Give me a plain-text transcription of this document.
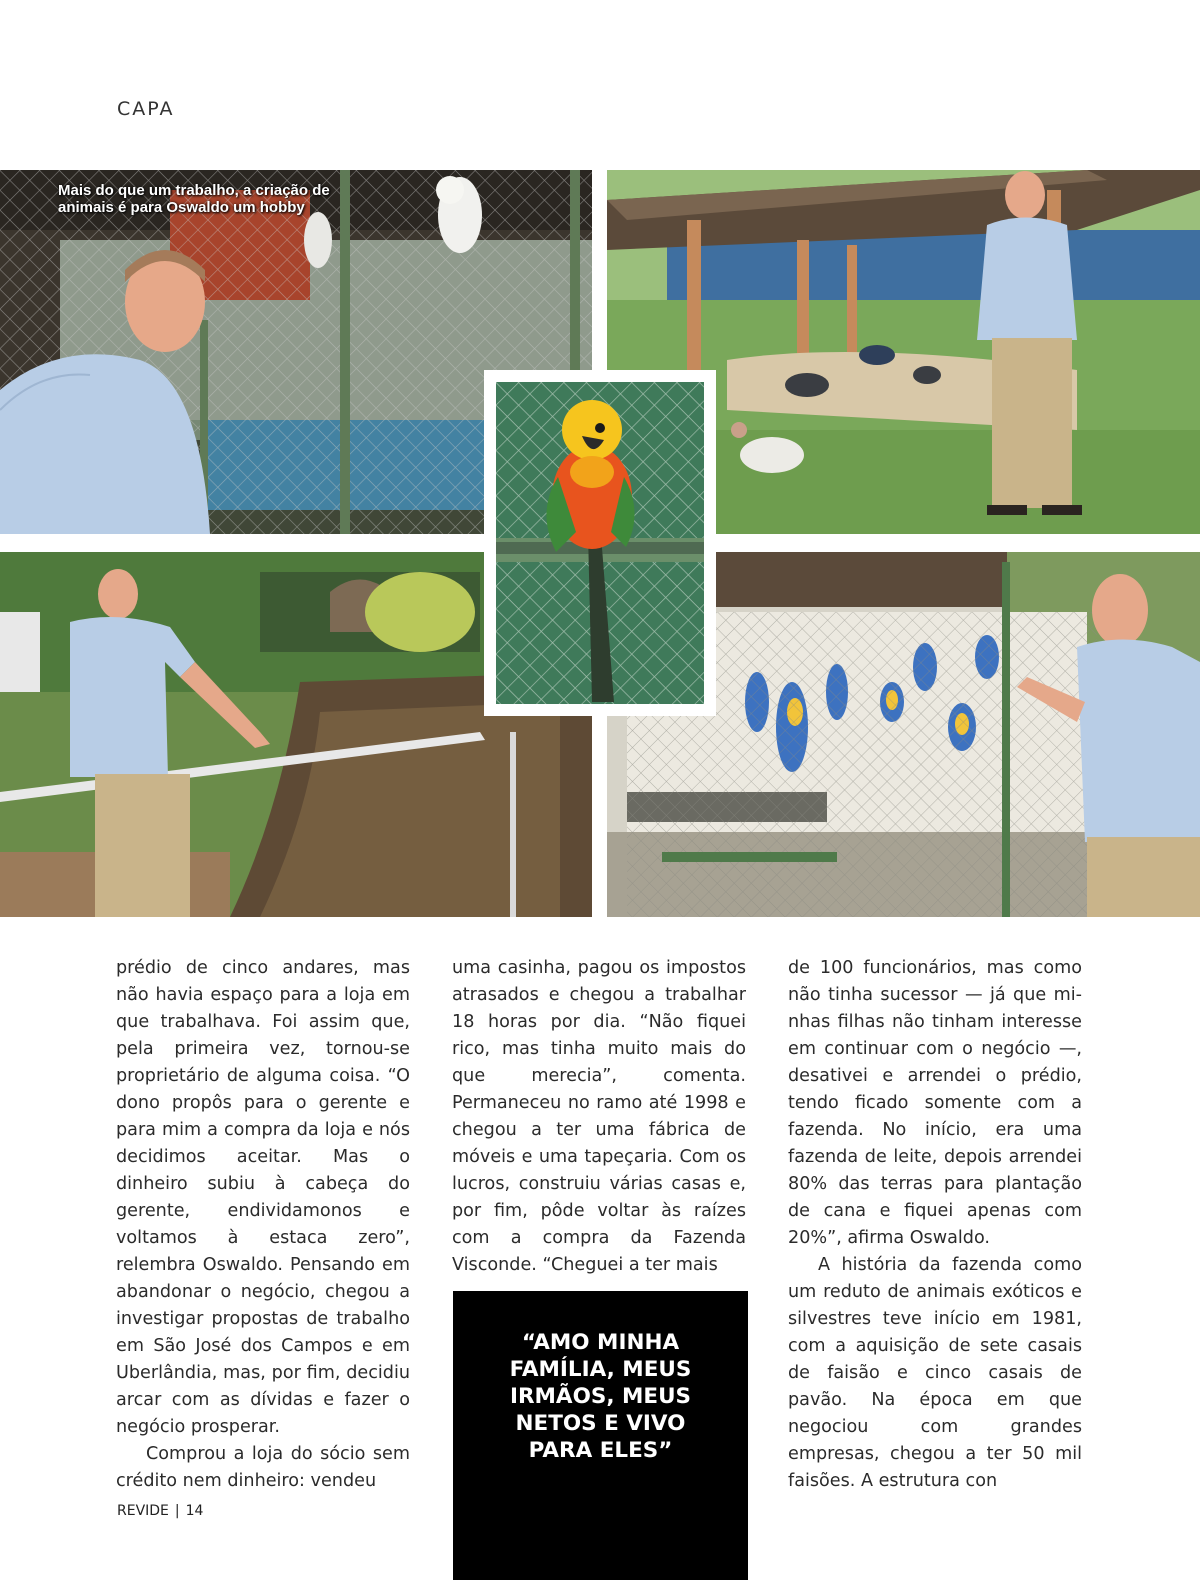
CAPA
Mais do que um trabalho, a criação de animais é para Oswaldo um hobby

prédio de cinco andares, mas não havia espaço para a loja em que trabalhava. Foi assim que, pela primeira vez, tornou-se proprietário de alguma coisa. “O dono propôs para o gerente e para mim a compra da loja e nós decidimos aceitar. Mas o dinheiro subiu à cabeça do gerente, endividamonos e voltamos à estaca zero”, relembra Oswaldo. Pensando em abandonar o negócio, chegou a investigar propostas de trabalho em São José dos Campos e em Uberlândia, mas, por fim, decidiu arcar com as dívidas e fazer o negócio prosperar.

Comprou a loja do sócio sem crédito nem dinheiro: vendeu

uma casinha, pagou os impostos atrasados e chegou a trabalhar 18 horas por dia. “Não fiquei rico, mas tinha muito mais do que merecia”, comenta. Permaneceu no ramo até 1998 e chegou a ter uma fábrica de móveis e uma tapeçaria. Com os lucros, construiu várias casas e, por fim, pôde voltar às raízes com a compra da Fazenda Visconde. “Cheguei a ter mais

de 100 funcionários, mas como não tinha sucessor — já que minhas filhas não tinham interesse em continuar com o negócio —, desativei e arrendei o prédio, tendo ficado somente com a fazenda. No início, era uma fazenda de leite, depois arrendei 80% das terras para plantação de cana e fiquei apenas com 20%”, afirma Oswaldo.

A história da fazenda como um reduto de animais exóticos e silvestres teve início em 1981, com a aquisição de sete casais de faisão e cinco casais de pavão. Na época em que negociou com grandes empresas, chegou a ter 50 mil faisões. A estrutura con

“AMO MINHA FAMÍLIA, MEUS IRMÃOS, MEUS NETOS E VIVO PARA ELES”
REVIDE | 14
